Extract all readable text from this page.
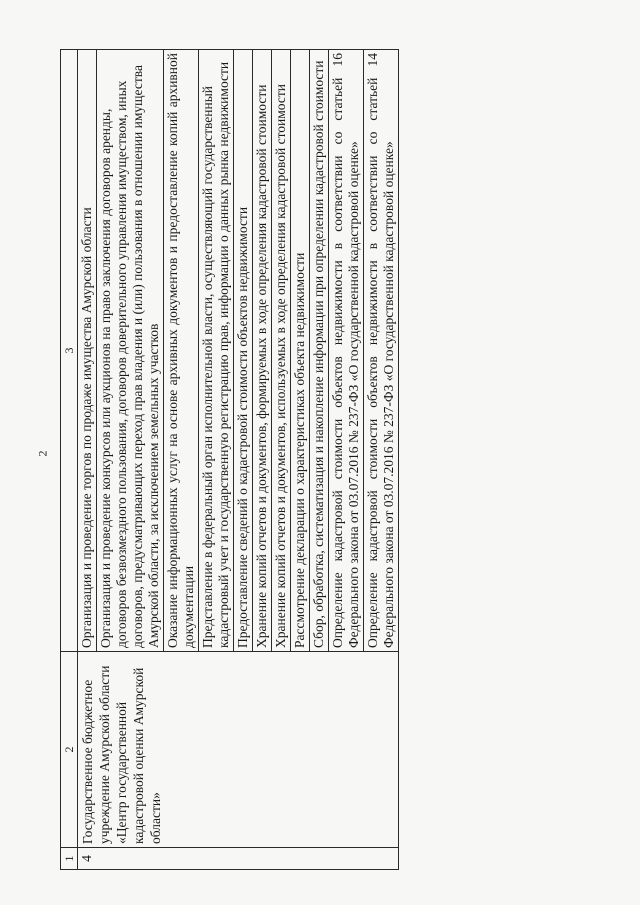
2
1	2	3
4	Государственное бюджетное учреждение Амурской области «Центр государственной кадастровой оценки Амурской области»	Организация и проведение торгов по продаже имущества Амурской области
		Организация и проведение конкурсов или аукционов на право заключения договоров аренды, договоров безвозмездного пользования, договоров доверительного управления имуществом, иных договоров, предусматривающих переход прав владения и (или) пользования в отношении имущества Амурской области, за исключением земельных участков
		Оказание информационных услуг на основе архивных документов и предоставление копий архивной документации
		Представление в федеральный орган исполнительной власти, осуществляющий государственный кадастровый учет и государственную регистрацию прав, информации о данных рынка недвижимости
		Предоставление сведений о кадастровой стоимости объектов недвижимости
		Хранение копий отчетов и документов, формируемых в ходе определения кадастровой стоимости
		Хранение копий отчетов и документов, используемых в ходе определения кадастровой стоимости
		Рассмотрение декларации о характеристиках объекта недвижимости
		Сбор, обработка, систематизация и накопление информации при определении кадастровой стоимости
		Определение кадастровой стоимости объектов недвижимости в соответствии со статьей 16 Федерального закона от 03.07.2016 № 237-ФЗ «О государственной кадастровой оценке»
		Определение кадастровой стоимости объектов недвижимости в соответствии со статьей 14 Федерального закона от 03.07.2016 № 237-ФЗ «О государственной кадастровой оценке»
